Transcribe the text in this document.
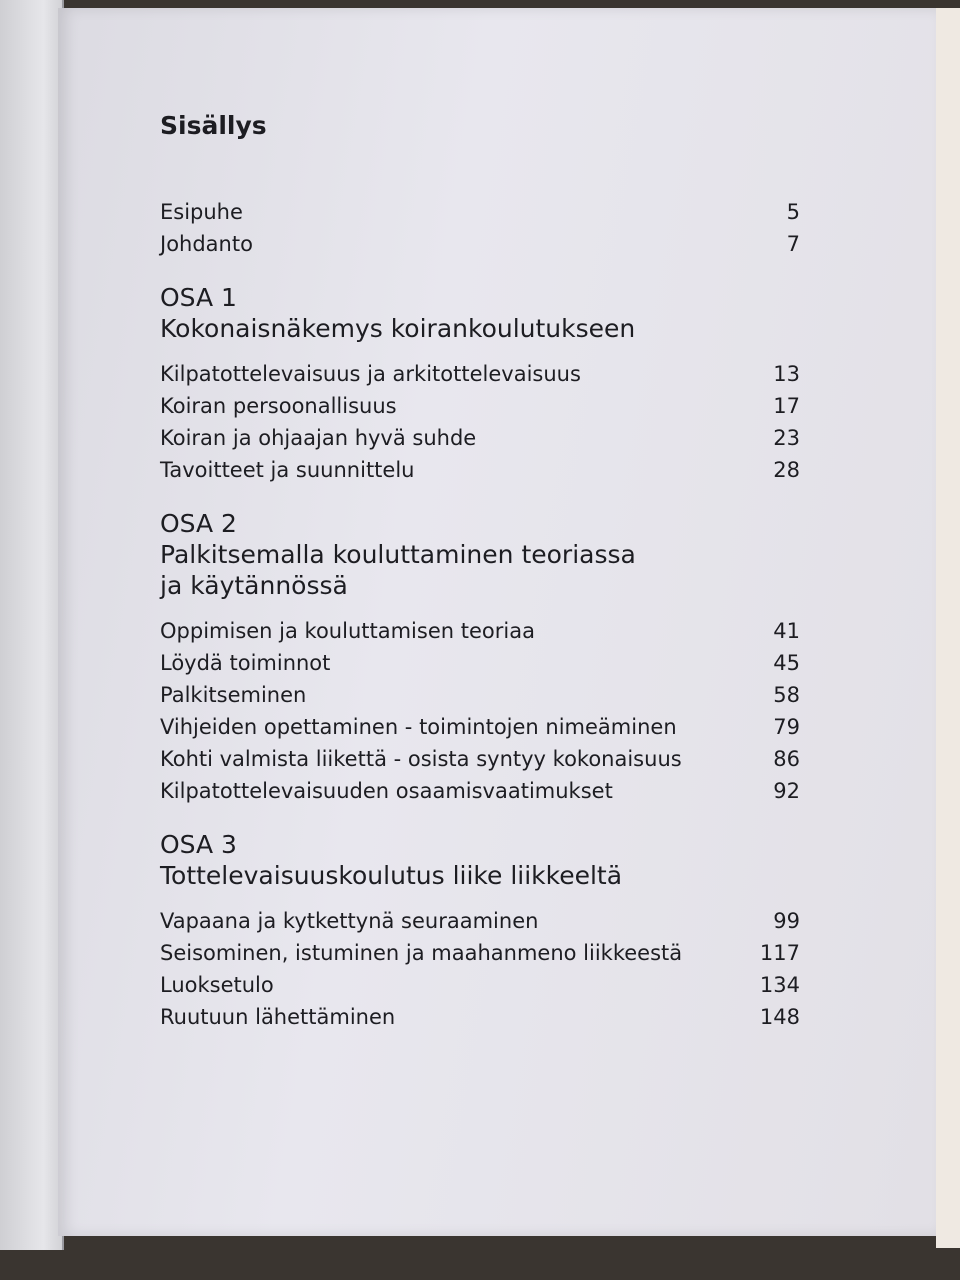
Sisällys
Esipuhe	5
Johdanto	7
OSA 1
Kokonaisnäkemys koirankoulutukseen
Kilpatottelevaisuus ja arkitottelevaisuus	13
Koiran persoonallisuus	17
Koiran ja ohjaajan hyvä suhde	23
Tavoitteet ja suunnittelu	28
OSA 2
Palkitsemalla kouluttaminen teoriassa
ja käytännössä
Oppimisen ja kouluttamisen teoriaa	41
Löydä toiminnot	45
Palkitseminen	58
Vihjeiden opettaminen - toimintojen nimeäminen	79
Kohti valmista liikettä - osista syntyy kokonaisuus	86
Kilpatottelevaisuuden osaamisvaatimukset	92
OSA 3
Tottelevaisuuskoulutus liike liikkeeltä
Vapaana ja kytkettynä seuraaminen	99
Seisominen, istuminen ja maahanmeno liikkeestä	117
Luoksetulo	134
Ruutuun lähettäminen	148
